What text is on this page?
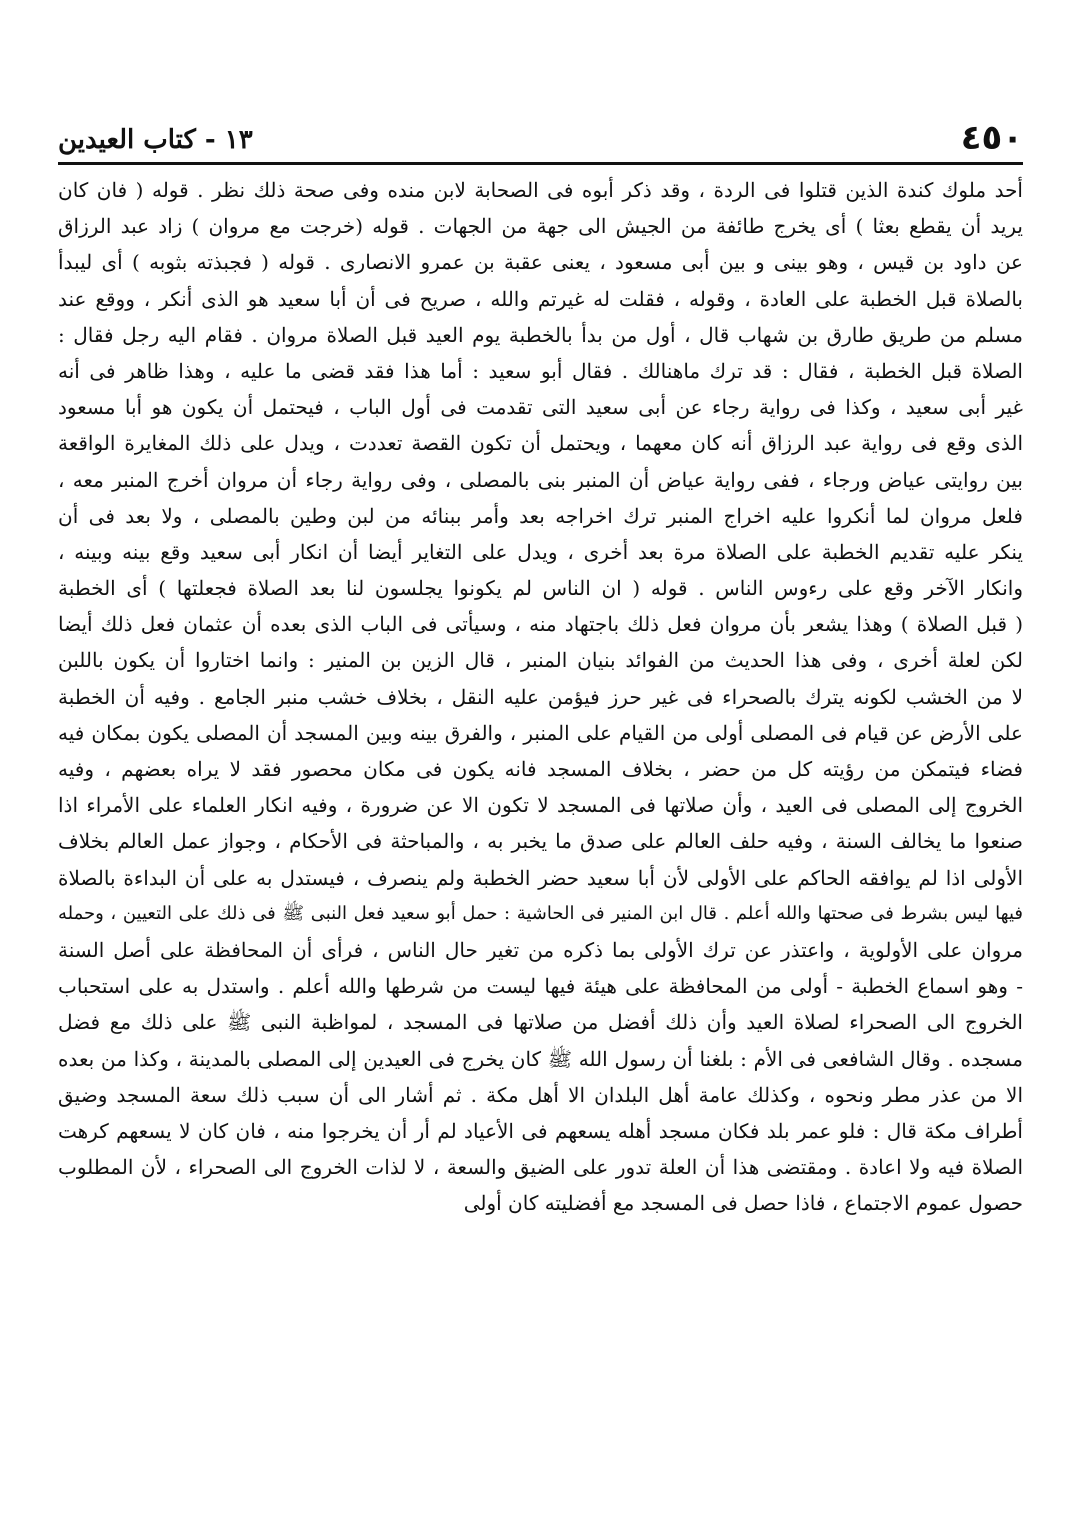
٤٥٠
١٣ - كتاب العيدين
أحد ملوك كندة الذين قتلوا فى الردة ، وقد ذكر أبوه فى الصحابة لابن منده وفى صحة ذلك نظر . قوله ( فان كان
يريد أن يقطع بعثا ) أى يخرج طائفة من الجيش الى جهة من الجهات . قوله (خرجت مع مروان ) زاد عبد الرزاق
عن داود بن قيس ، وهو بينى و بين أبى مسعود ، يعنى عقبة بن عمرو الانصارى . قوله ( فجبذته بثوبه ) أى ليبدأ
بالصلاة قبل الخطبة على العادة ، وقوله ، فقلت له غيرتم والله ، صريح فى أن أبا سعيد هو الذى أنكر ، ووقع عند
مسلم من طريق طارق بن شهاب قال ، أول من بدأ بالخطبة يوم العيد قبل الصلاة مروان . فقام اليه رجل فقال :
الصلاة قبل الخطبة ، فقال : قد ترك ماهنالك . فقال أبو سعيد : أما هذا فقد قضى ما عليه ، وهذا ظاهر فى أنه
غير أبى سعيد ، وكذا فى رواية رجاء عن أبى سعيد التى تقدمت فى أول الباب ، فيحتمل أن يكون هو أبا مسعود
الذى وقع فى رواية عبد الرزاق أنه كان معهما ، ويحتمل أن تكون القصة تعددت ، ويدل على ذلك المغايرة الواقعة
بين روايتى عياض ورجاء ، ففى رواية عياض أن المنبر بنى بالمصلى ، وفى رواية رجاء أن مروان أخرج المنبر معه ،
فلعل مروان لما أنكروا عليه اخراج المنبر ترك اخراجه بعد وأمر ببنائه من لبن وطين بالمصلى ، ولا بعد فى أن
ينكر عليه تقديم الخطبة على الصلاة مرة بعد أخرى ، ويدل على التغاير أيضا أن انكار أبى سعيد وقع بينه وبينه ،
وانكار الآخر وقع على رءوس الناس . قوله ( ان الناس لم يكونوا يجلسون لنا بعد الصلاة فجعلتها ) أى الخطبة
( قبل الصلاة ) وهذا يشعر بأن مروان فعل ذلك باجتهاد منه ، وسيأتى فى الباب الذى بعده أن عثمان فعل ذلك أيضا
لكن لعلة أخرى ، وفى هذا الحديث من الفوائد بنيان المنبر ، قال الزين بن المنير : وانما اختاروا أن يكون باللبن
لا من الخشب لكونه يترك بالصحراء فى غير حرز فيؤمن عليه النقل ، بخلاف خشب منبر الجامع . وفيه أن الخطبة
على الأرض عن قيام فى المصلى أولى من القيام على المنبر ، والفرق بينه وبين المسجد أن المصلى يكون بمكان فيه
فضاء فيتمكن من رؤيته كل من حضر ، بخلاف المسجد فانه يكون فى مكان محصور فقد لا يراه بعضهم ، وفيه
الخروج إلى المصلى فى العيد ، وأن صلاتها فى المسجد لا تكون الا عن ضرورة ، وفيه انكار العلماء على الأمراء اذا
صنعوا ما يخالف السنة ، وفيه حلف العالم على صدق ما يخبر به ، والمباحثة فى الأحكام ، وجواز عمل العالم بخلاف
الأولى اذا لم يوافقه الحاكم على الأولى لأن أبا سعيد حضر الخطبة ولم ينصرف ، فيستدل به على أن البداءة بالصلاة
فيها ليس بشرط فى صحتها والله أعلم . قال ابن المنير فى الحاشية : حمل أبو سعيد فعل النبى ﷺ فى ذلك على التعيين ، وحمله
مروان على الأولوية ، واعتذر عن ترك الأولى بما ذكره من تغير حال الناس ، فرأى أن المحافظة على أصل السنة
- وهو اسماع الخطبة - أولى من المحافظة على هيئة فيها ليست من شرطها والله أعلم . واستدل به على استحباب
الخروج الى الصحراء لصلاة العيد وأن ذلك أفضل من صلاتها فى المسجد ، لمواظبة النبى ﷺ على ذلك مع فضل
مسجده . وقال الشافعى فى الأم : بلغنا أن رسول الله ﷺ كان يخرج فى العيدين إلى المصلى بالمدينة ، وكذا من بعده
الا من عذر مطر ونحوه ، وكذلك عامة أهل البلدان الا أهل مكة . ثم أشار الى أن سبب ذلك سعة المسجد وضيق
أطراف مكة قال : فلو عمر بلد فكان مسجد أهله يسعهم فى الأعياد لم أر أن يخرجوا منه ، فان كان لا يسعهم كرهت
الصلاة فيه ولا اعادة . ومقتضى هذا أن العلة تدور على الضيق والسعة ، لا لذات الخروج الى الصحراء ، لأن المطلوب
حصول عموم الاجتماع ، فاذا حصل فى المسجد مع أفضليته كان أولى
